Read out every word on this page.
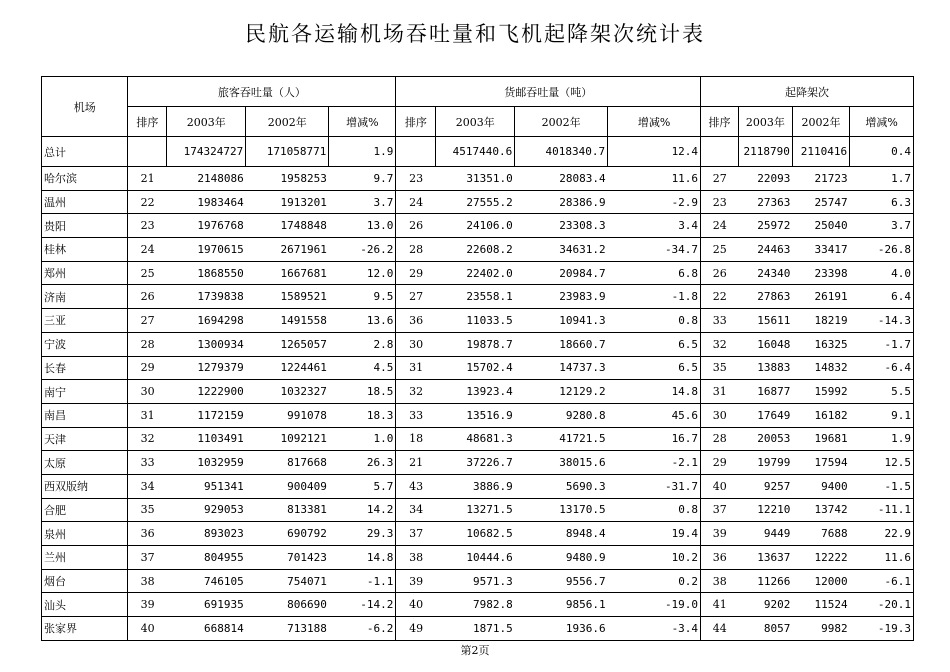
民航各运输机场吞吐量和飞机起降架次统计表
机场	旅客吞吐量（人）				货邮吞吐量（吨）				起降架次			
	排序	2003年	2002年	增减%	排序	2003年	2002年	增减%	排序	2003年	2002年	增减%
总计		174324727	171058771	1.9		4517440.6	4018340.7	12.4		2118790	2110416	0.4
哈尔滨	21	2148086	1958253	9.7	23	31351.0	28083.4	11.6	27	22093	21723	1.7
温州	22	1983464	1913201	3.7	24	27555.2	28386.9	-2.9	23	27363	25747	6.3
贵阳	23	1976768	1748848	13.0	26	24106.0	23308.3	3.4	24	25972	25040	3.7
桂林	24	1970615	2671961	-26.2	28	22608.2	34631.2	-34.7	25	24463	33417	-26.8
郑州	25	1868550	1667681	12.0	29	22402.0	20984.7	6.8	26	24340	23398	4.0
济南	26	1739838	1589521	9.5	27	23558.1	23983.9	-1.8	22	27863	26191	6.4
三亚	27	1694298	1491558	13.6	36	11033.5	10941.3	0.8	33	15611	18219	-14.3
宁波	28	1300934	1265057	2.8	30	19878.7	18660.7	6.5	32	16048	16325	-1.7
长春	29	1279379	1224461	4.5	31	15702.4	14737.3	6.5	35	13883	14832	-6.4
南宁	30	1222900	1032327	18.5	32	13923.4	12129.2	14.8	31	16877	15992	5.5
南昌	31	1172159	991078	18.3	33	13516.9	9280.8	45.6	30	17649	16182	9.1
天津	32	1103491	1092121	1.0	18	48681.3	41721.5	16.7	28	20053	19681	1.9
太原	33	1032959	817668	26.3	21	37226.7	38015.6	-2.1	29	19799	17594	12.5
西双版纳	34	951341	900409	5.7	43	3886.9	5690.3	-31.7	40	9257	9400	-1.5
合肥	35	929053	813381	14.2	34	13271.5	13170.5	0.8	37	12210	13742	-11.1
泉州	36	893023	690792	29.3	37	10682.5	8948.4	19.4	39	9449	7688	22.9
兰州	37	804955	701423	14.8	38	10444.6	9480.9	10.2	36	13637	12222	11.6
烟台	38	746105	754071	-1.1	39	9571.3	9556.7	0.2	38	11266	12000	-6.1
汕头	39	691935	806690	-14.2	40	7982.8	9856.1	-19.0	41	9202	11524	-20.1
张家界	40	668814	713188	-6.2	49	1871.5	1936.6	-3.4	44	8057	9982	-19.3
第2页
